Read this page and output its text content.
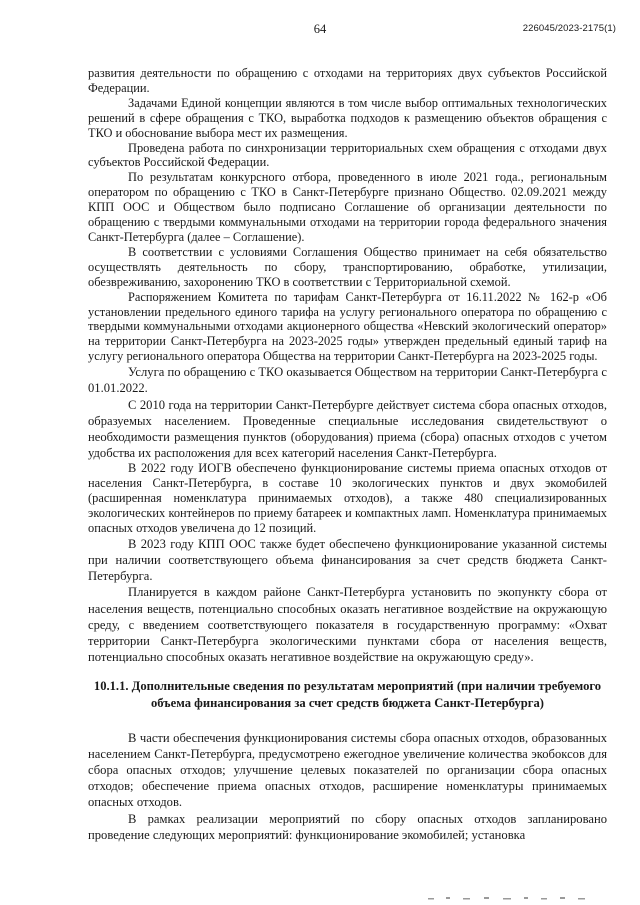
64	226045/2023-2175(1)

развития деятельности по обращению с отходами на территориях двух субъектов Российской Федерации.

Задачами Единой концепции являются в том числе выбор оптимальных технологических решений в сфере обращения с ТКО, выработка подходов к размещению объектов обращения с ТКО и обоснование выбора мест их размещения.

Проведена работа по синхронизации территориальных схем обращения с отходами двух субъектов Российской Федерации.

По результатам конкурсного отбора, проведенного в июле 2021 года., региональным оператором по обращению с ТКО в Санкт-Петербурге признано Общество. 02.09.2021 между КПП ООС и Обществом было подписано Соглашение об организации деятельности по обращению с твердыми коммунальными отходами на территории города федерального значения Санкт-Петербурга (далее – Соглашение).

В соответствии с условиями Соглашения Общество принимает на себя обязательство осуществлять деятельность по сбору, транспортированию, обработке, утилизации, обезвреживанию, захоронению ТКО в соответствии с Территориальной схемой.

Распоряжением Комитета по тарифам Санкт-Петербурга от 16.11.2022 № 162-р «Об установлении предельного единого тарифа на услугу регионального оператора по обращению с твердыми коммунальными отходами акционерного общества «Невский экологический оператор» на территории Санкт-Петербурга на 2023-2025 годы» утвержден предельный единый тариф на услугу регионального оператора Общества на территории Санкт-Петербурга на 2023-2025 годы.

Услуга по обращению с ТКО оказывается Обществом на территории Санкт-Петербурга с 01.01.2022.

С 2010 года на территории Санкт-Петербурге действует система сбора опасных отходов, образуемых населением. Проведенные специальные исследования свидетельствуют о необходимости размещения пунктов (оборудования) приема (сбора) опасных отходов с учетом удобства их расположения для всех категорий населения Санкт-Петербурга.

В 2022 году ИОГВ обеспечено функционирование системы приема опасных отходов от населения Санкт-Петербурга, в составе 10 экологических пунктов и двух экомобилей (расширенная номенклатура принимаемых отходов), а также 480 специализированных экологических контейнеров по приему батареек и компактных ламп. Номенклатура принимаемых опасных отходов увеличена до 12 позиций.

В 2023 году КПП ООС также будет обеспечено функционирование указанной системы при наличии соответствующего объема финансирования за счет средств бюджета Санкт-Петербурга.

Планируется в каждом районе Санкт-Петербурга установить по экопункту сбора от населения веществ, потенциально способных оказать негативное воздействие на окружающую среду, с введением соответствующего показателя в государственную программу: «Охват территории Санкт-Петербурга экологическими пунктами сбора от населения веществ, потенциально способных оказать негативное воздействие на окружающую среду».

10.1.1. Дополнительные сведения по результатам мероприятий (при наличии требуемого объема финансирования за счет средств бюджета Санкт-Петербурга)

В части обеспечения функционирования системы сбора опасных отходов, образованных населением Санкт-Петербурга, предусмотрено ежегодное увеличение количества экобоксов для сбора опасных отходов; улучшение целевых показателей по организации сбора опасных отходов; обеспечение приема опасных отходов, расширение номенклатуры принимаемых опасных отходов.

В рамках реализации мероприятий по сбору опасных отходов запланировано проведение следующих мероприятий: функционирование экомобилей; установка
